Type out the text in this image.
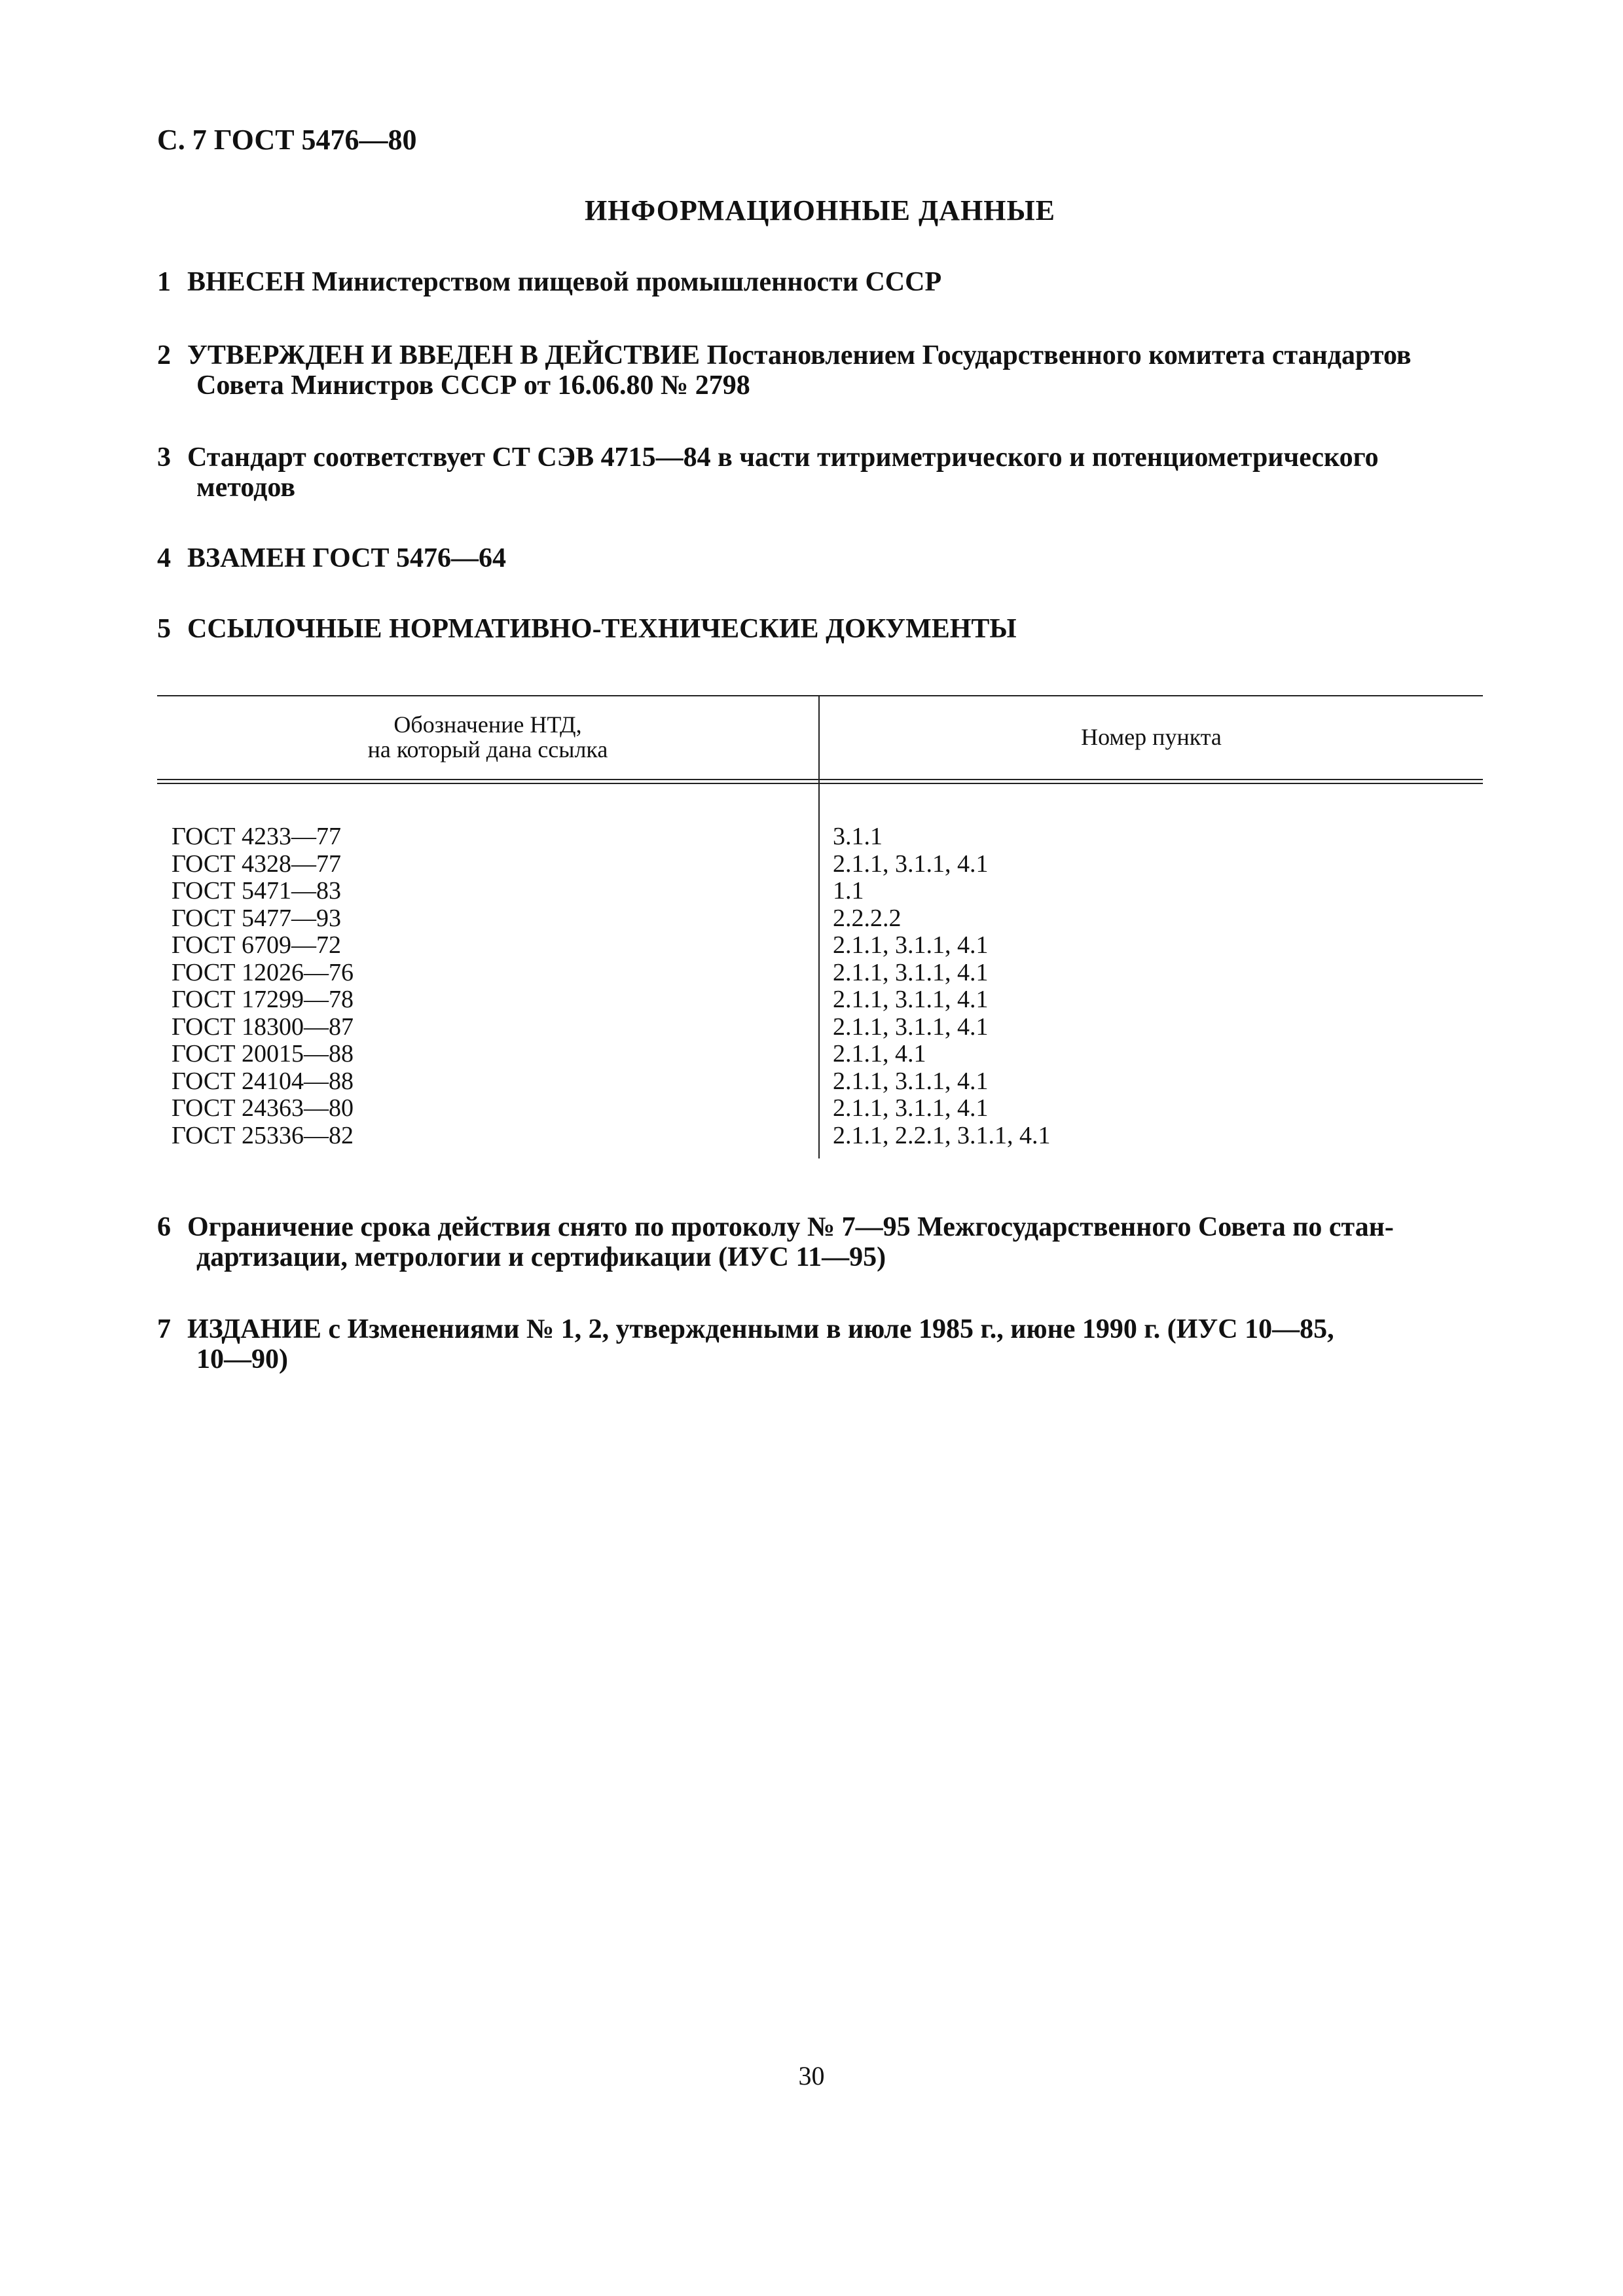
С. 7 ГОСТ 5476—80
ИНФОРМАЦИОННЫЕ ДАННЫЕ
1 ВНЕСЕН Министерством пищевой промышленности СССР
2 УТВЕРЖДЕН И ВВЕДЕН В ДЕЙСТВИЕ Постановлением Государственного комитета стандартов
Совета Министров СССР от 16.06.80 № 2798
3 Стандарт соответствует СТ СЭВ 4715—84 в части титриметрического и потенциометрического
методов
4 ВЗАМЕН ГОСТ 5476—64
5 ССЫЛОЧНЫЕ НОРМАТИВНО-ТЕХНИЧЕСКИЕ ДОКУМЕНТЫ
Обозначение НТД,
на который дана ссылка	Номер пункта
ГОСТ 4233—77
ГОСТ 4328—77
ГОСТ 5471—83
ГОСТ 5477—93
ГОСТ 6709—72
ГОСТ 12026—76
ГОСТ 17299—78
ГОСТ 18300—87
ГОСТ 20015—88
ГОСТ 24104—88
ГОСТ 24363—80
ГОСТ 25336—82
3.1.1
2.1.1, 3.1.1, 4.1
1.1
2.2.2.2
2.1.1, 3.1.1, 4.1
2.1.1, 3.1.1, 4.1
2.1.1, 3.1.1, 4.1
2.1.1, 3.1.1, 4.1
2.1.1, 4.1
2.1.1, 3.1.1, 4.1
2.1.1, 3.1.1, 4.1
2.1.1, 2.2.1, 3.1.1, 4.1
6 Ограничение срока действия снято по протоколу № 7—95 Межгосударственного Совета по стан-
дартизации, метрологии и сертификации (ИУС 11—95)
7 ИЗДАНИЕ с Изменениями № 1, 2, утвержденными в июле 1985 г., июне 1990 г. (ИУС 10—85,
10—90)
30
